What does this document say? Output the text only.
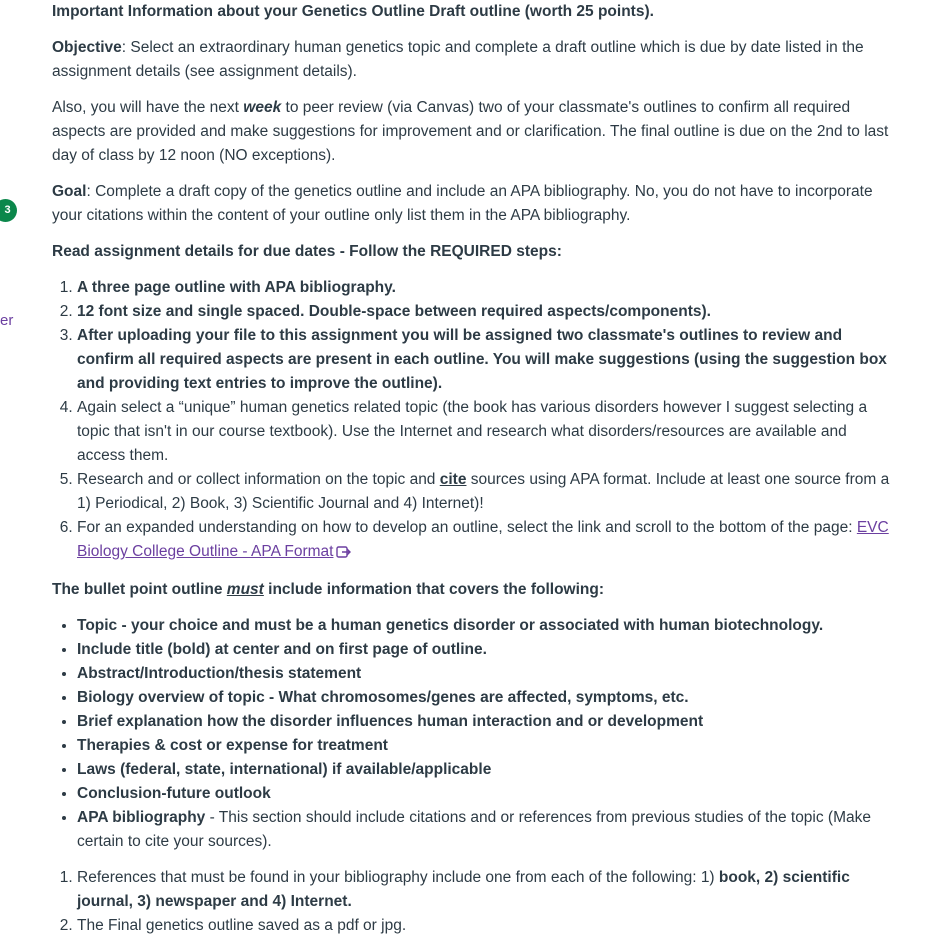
3
er

Important Information about your Genetics Outline Draft outline (worth 25 points).

Objective: Select an extraordinary human genetics topic and complete a draft outline which is due by date listed in the assignment details (see assignment details).

Also, you will have the next week to peer review (via Canvas) two of your classmate's outlines to confirm all required aspects are provided and make suggestions for improvement and or clarification. The final outline is due on the 2nd to last day of class by 12 noon (NO exceptions).

Goal: Complete a draft copy of the genetics outline and include an APA bibliography. No, you do not have to incorporate your citations within the content of your outline only list them in the APA bibliography.

Read assignment details for due dates - Follow the REQUIRED steps:

1. A three page outline with APA bibliography.
2. 12 font size and single spaced. Double-space between required aspects/components).
3. After uploading your file to this assignment you will be assigned two classmate's outlines to review and confirm all required aspects are present in each outline. You will make suggestions (using the suggestion box and providing text entries to improve the outline).
4. Again select a “unique” human genetics related topic (the book has various disorders however I suggest selecting a topic that isn't in our course textbook). Use the Internet and research what disorders/resources are available and access them.
5. Research and or collect information on the topic and cite sources using APA format. Include at least one source from a 1) Periodical, 2) Book, 3) Scientific Journal and 4) Internet)!
6. For an expanded understanding on how to develop an outline, select the link and scroll to the bottom of the page: EVC Biology College Outline - APA Format

The bullet point outline must include information that covers the following:

• Topic - your choice and must be a human genetics disorder or associated with human biotechnology.
• Include title (bold) at center and on first page of outline.
• Abstract/Introduction/thesis statement
• Biology overview of topic - What chromosomes/genes are affected, symptoms, etc.
• Brief explanation how the disorder influences human interaction and or development
• Therapies & cost or expense for treatment
• Laws (federal, state, international) if available/applicable
• Conclusion-future outlook
• APA bibliography - This section should include citations and or references from previous studies of the topic (Make certain to cite your sources).
1. References that must be found in your bibliography include one from each of the following: 1) book, 2) scientific journal, 3) newspaper and 4) Internet.
2. The Final genetics outline saved as a pdf or jpg.
